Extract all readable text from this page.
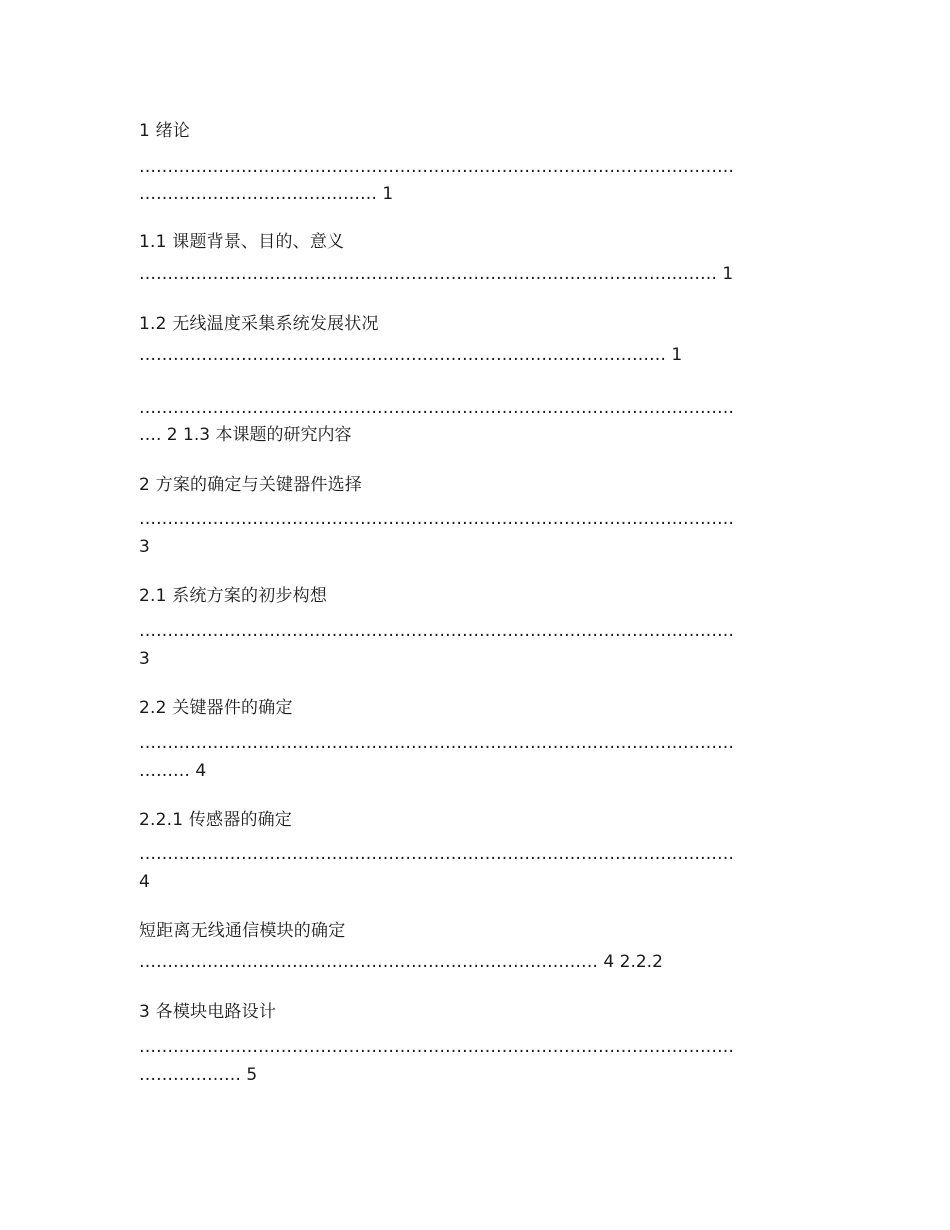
1 绪论
……………………………………………………………………………………………
…………………………………… 1
1.1 课题背景、目的、意义
………………………………………………………………………………………… 1
1.2 无线温度采集系统发展状况
………………………………………………………………………………… 1
……………………………………………………………………………………………
…. 2 1.3 本课题的研究内容
2 方案的确定与关键器件选择
……………………………………………………………………………………………
3
2.1 系统方案的初步构想
……………………………………………………………………………………………
3
2.2 关键器件的确定
……………………………………………………………………………………………
……… 4
2.2.1 传感器的确定
……………………………………………………………………………………………
4
短距离无线通信模块的确定
……………………………………………………………………… 4 2.2.2
3 各模块电路设计
……………………………………………………………………………………………
……………… 5
